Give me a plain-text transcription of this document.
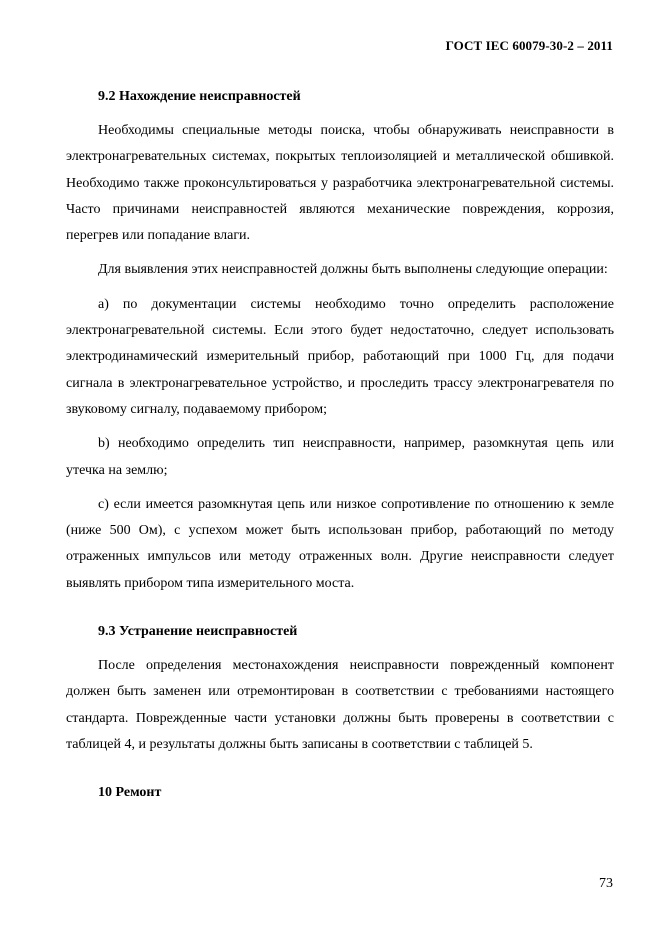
ГОСТ IEC 60079-30-2 – 2011
9.2 Нахождение неисправностей

Необходимы специальные методы поиска, чтобы обнаруживать неисправности в электронагревательных системах, покрытых теплоизоляцией и металлической обшивкой. Необходимо также проконсультироваться у разработчика электронагревательной системы. Часто причинами неисправностей являются механические повреждения, коррозия, перегрев или попадание влаги.

Для выявления этих неисправностей должны быть выполнены следующие операции:

a) по документации системы необходимо точно определить расположение электронагревательной системы. Если этого будет недостаточно, следует использовать электродинамический измерительный прибор, работающий при 1000 Гц, для подачи сигнала в электронагревательное устройство, и проследить трассу электронагревателя по звуковому сигналу, подаваемому прибором;

b) необходимо определить тип неисправности, например, разомкнутая цепь или утечка на землю;

c) если имеется разомкнутая цепь или низкое сопротивление по отношению к земле (ниже 500 Ом), с успехом может быть использован прибор, работающий по методу отраженных импульсов или методу отраженных волн. Другие неисправности следует выявлять прибором типа измерительного моста.

9.3 Устранение неисправностей

После определения местонахождения неисправности поврежденный компонент должен быть заменен или отремонтирован в соответствии с требованиями настоящего стандарта. Поврежденные части установки должны быть проверены в соответствии с таблицей 4, и результаты должны быть записаны в соответствии с таблицей 5.

10 Ремонт
73
